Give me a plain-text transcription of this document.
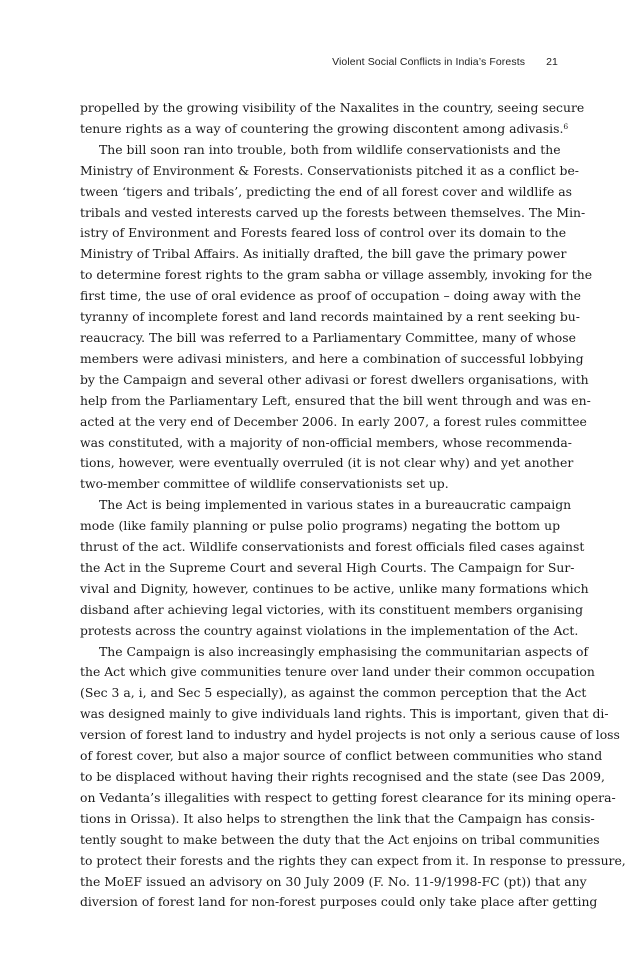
Violent Social Conflicts in India’s Forests 21
propelled by the growing visibility of the Naxalites in the country, seeing secure
tenure rights as a way of countering the growing discontent among adivasis.$^6$
The bill soon ran into trouble, both from wildlife conservationists and the
Ministry of Environment & Forests. Conservationists pitched it as a conflict be-
tween ‘tigers and tribals’, predicting the end of all forest cover and wildlife as
tribals and vested interests carved up the forests between themselves. The Min-
istry of Environment and Forests feared loss of control over its domain to the
Ministry of Tribal Affairs. As initially drafted, the bill gave the primary power
to determine forest rights to the gram sabha or village assembly, invoking for the
first time, the use of oral evidence as proof of occupation – doing away with the
tyranny of incomplete forest and land records maintained by a rent seeking bu-
reaucracy. The bill was referred to a Parliamentary Committee, many of whose
members were adivasi ministers, and here a combination of successful lobbying
by the Campaign and several other adivasi or forest dwellers organisations, with
help from the Parliamentary Left, ensured that the bill went through and was en-
acted at the very end of December 2006. In early 2007, a forest rules committee
was constituted, with a majority of non-official members, whose recommenda-
tions, however, were eventually overruled (it is not clear why) and yet another
two-member committee of wildlife conservationists set up.
The Act is being implemented in various states in a bureaucratic campaign
mode (like family planning or pulse polio programs) negating the bottom up
thrust of the act. Wildlife conservationists and forest officials filed cases against
the Act in the Supreme Court and several High Courts. The Campaign for Sur-
vival and Dignity, however, continues to be active, unlike many formations which
disband after achieving legal victories, with its constituent members organising
protests across the country against violations in the implementation of the Act.
The Campaign is also increasingly emphasising the communitarian aspects of
the Act which give communities tenure over land under their common occupation
(Sec 3 a, i, and Sec 5 especially), as against the common perception that the Act
was designed mainly to give individuals land rights. This is important, given that di-
version of forest land to industry and hydel projects is not only a serious cause of loss
of forest cover, but also a major source of conflict between communities who stand
to be displaced without having their rights recognised and the state (see Das 2009,
on Vedanta’s illegalities with respect to getting forest clearance for its mining opera-
tions in Orissa). It also helps to strengthen the link that the Campaign has consis-
tently sought to make between the duty that the Act enjoins on tribal communities
to protect their forests and the rights they can expect from it. In response to pressure,
the MoEF issued an advisory on 30 July 2009 (F. No. 11-9/1998-FC (pt)) that any
diversion of forest land for non-forest purposes could only take place after getting
